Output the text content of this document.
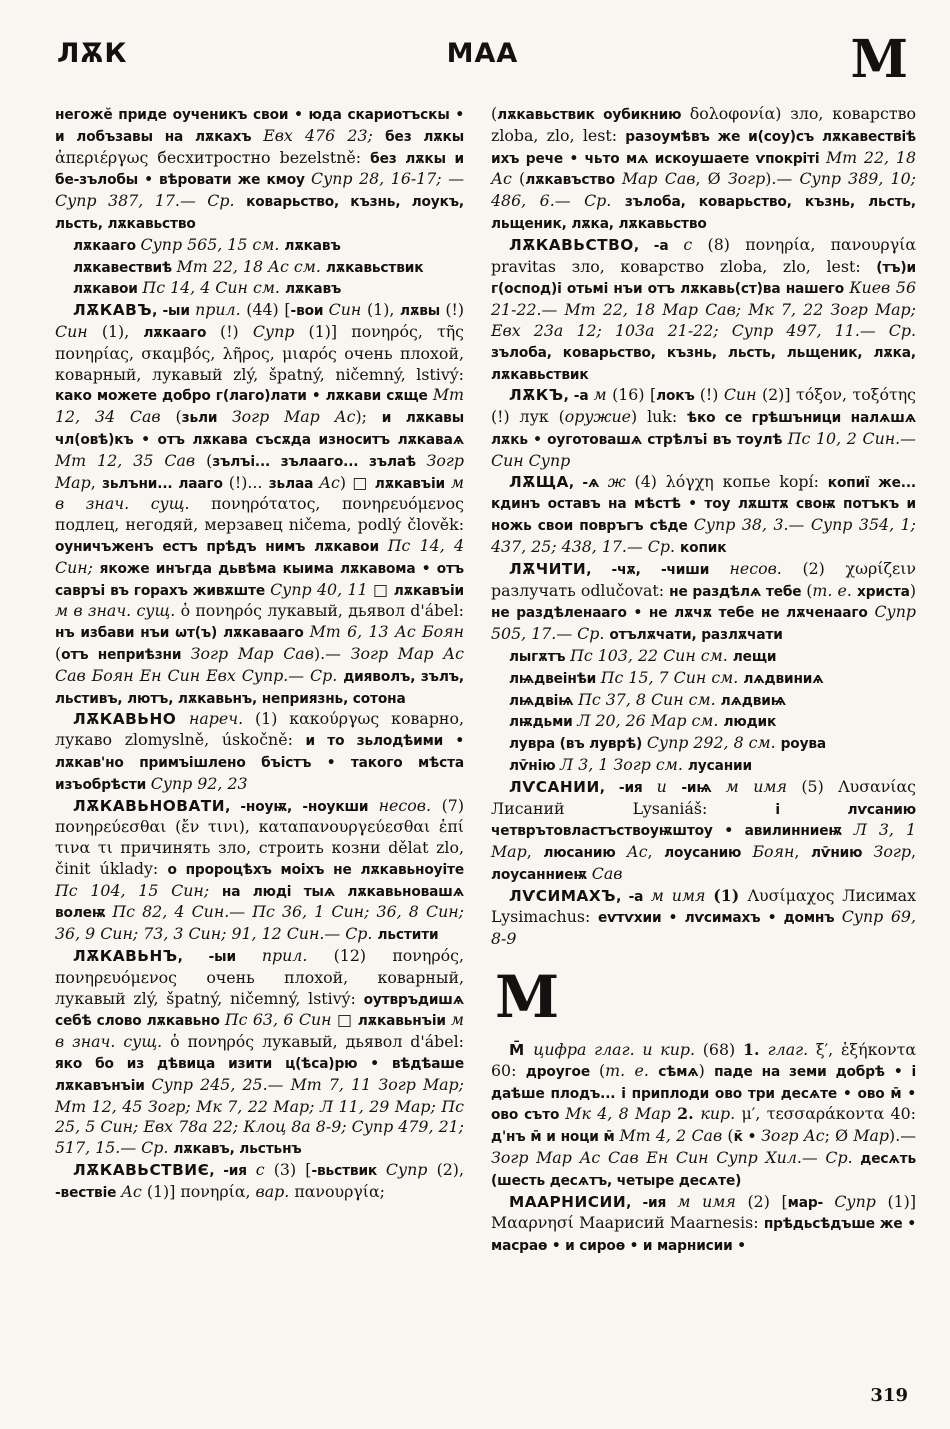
ЛѪК	МАА	М

негожӗ приде оученикъ свои • юда скариотъскы • и лобъзавы на лѫкахъ Евх 476 23; без лѫкы ἀπεριέργως бесхитростно bezelstně: без лѫкы и бе-зълобы • вѣровати же кмоу Супр 28, 16-17; — Супр 387, 17.— Ср. коварьство, къзнь, лоукъ, льсть, лѫкавьство

лѫкааго Супр 565, 15 см. лѫкавъ

лѫкавествиѣ Мт 22, 18 Ас см. лѫкавьствик

лѫкавои Пс 14, 4 Син см. лѫкавъ

ЛѪКАВЪ, -ыи прил. (44) [-вои Син (1), лѫвы (!) Син (1), лѫкааго (!) Супр (1)] πονηρός, τῆς πονηρίας, σκαμβός, λῆρος, μιαρός очень плохой, коварный, лукавый zlý, špatný, ničemný, lstivý: како можете добро г(лаго)лати • лѫкави сѫще Мт 12, 34 Сав (зьли Зогр Мар Ас); и лѫкавы чл(овѣ)къ • отъ лѫкава съсѫда износитъ лѫкаваѧ Мт 12, 35 Сав (зълъі... зълааго... зълаѣ Зогр Мар, зьлъни... лааго (!)... зьлаа Ас) □ лѫкавъіи м в знач. сущ. πονηρότατος, πονηρευόμενος подлец, негодяй, мерзавец ničema, podlý člověk: оуничъженъ естъ прѣдъ нимъ лѫкавои Пс 14, 4 Син; якоже инъгда дьвѣма кыима лѫкавома • отъ савръі въ горахъ живѫште Супр 40, 11 □ лѫкавъіи м в знач. сущ. ὁ πονηρός лукавый, дьявол d'ábel: нъ избави нъи ѡт(ъ) лѫкавааго Мт 6, 13 Ас Боян (отъ неприѣзни Зогр Мар Сав).— Зогр Мар Ас Сав Боян Ен Син Евх Супр.— Ср. дияволъ, зълъ, льстивъ, лютъ, лѫкавьнъ, неприязнь, сотона

ЛѪКАВЬНО нареч. (1) κακούργως коварно, лукаво zlomyslně, úskočně: и то зьлодѣими • лѫкав'но примъішлено бъістъ • такого мѣста изъобрѣсти Супр 92, 23

ЛѪКАВЬНОВАТИ, -ноуѭ, -ноукши несов. (7) πονηρεύεσθαι (ἔν τινι), καταπανουργεύεσθαι ἐπί τινα τι причинять зло, строить козни dělat zlo, činit úklady: о пророцѣхъ моіхъ не лѫкавьноуіте Пс 104, 15 Син; на люді тыѧ лѫкавьновашѧ волеѭ Пс 82, 4 Син.— Пс 36, 1 Син; 36, 8 Син; 36, 9 Син; 73, 3 Син; 91, 12 Син.— Ср. льстити

ЛѪКАВЬНЪ, -ыи прил. (12) πονηρός, πονηρευόμενος очень плохой, коварный, лукавый zlý, špatný, ničemný, lstivý: оутвръдишѧ себѣ слово лѫкавьно Пс 63, 6 Син □ лѫкавьнъіи м в знач. сущ. ὁ πονηρός лукавый, дьявол d'ábel: яко бо из дѣвица изити ц(ѣса)рю • вѣдѣаше лѫкавънъіи Супр 245, 25.— Мт 7, 11 Зогр Мар; Мт 12, 45 Зогр; Мк 7, 22 Мар; Л 11, 29 Мар; Пс 25, 5 Син; Евх 78а 22; Клоц 8а 8-9; Супр 479, 21; 517, 15.— Ср. лѫкавъ, льстьнъ

ЛѪКАВЬСТВИЄ, -ия с (3) [-вьствик Супр (2), -вествіе Ас (1)] πονηρία, вар. πανουργία;

(лѫкавьствик оубикнию δολοφονία) зло, коварство zloba, zlo, lest: разоумѣвъ же и(соу)съ лѫкавествіѣ ихъ рече • чьто мѧ искоушаете ѵпокріті Мт 22, 18 Ас (лѫкавъство Мар Сав, Ø Зогр).— Супр 389, 10; 486, 6.— Ср. зълоба, коварьство, къзнь, льсть, льщеник, лѫка, лѫкавьство

ЛѪКАВЬСТВО, -а с (8) πονηρία, πανουργία pravitas зло, коварство zloba, zlo, lest: (тъ)и г(оспод)і отьмі нъи отъ лѫкавь(ст)ва нашего Киев 56 21-22.— Мт 22, 18 Мар Сав; Мк 7, 22 Зогр Мар; Евх 23а 12; 103а 21-22; Супр 497, 11.— Ср. зълоба, коварьство, къзнь, льсть, льщеник, лѫка, лѫкавьствик

ЛѪКЪ, -а м (16) [локъ (!) Син (2)] τόξον, τοξότης (!) лук (оружие) luk: ѣко се грѣшъници налѧшѧ лѫкь • оуготовашѧ стрѣлъі въ тоулѣ Пс 10, 2 Син.— Син Супр

ЛѪЩА, -ѧ ж (4) λόγχη копье kopí: копиї же... кдинъ оставъ на мѣстѣ • тоу лѫштѫ своѭ потъкъ и ножь свои повръгъ сѣде Супр 38, 3.— Супр 354, 1; 437, 25; 438, 17.— Ср. копик

ЛѪЧИТИ, -чѫ, -чиши несов. (2) χωρίζειν разлучать odlučovat: не раздѣлѧ тебе (т. е. христа) не раздѣленааго • не лѫчѫ тебе не лѫченааго Супр 505, 17.— Ср. отълѫчати, разлѫчати

лыгѫтъ Пс 103, 22 Син см. лещи

лѩдвеінѣи Пс 15, 7 Син см. лѧдвиниѧ

лѩдвіѩ Пс 37, 8 Син см. лѧдвиѩ

лѭдьми Л 20, 26 Мар см. людик

лувра (въ луврѣ) Супр 292, 8 см. роува

лѵ̄нію Л 3, 1 Зогр см. лусании

ЛѴСАНИИ, -ия и -иѩ м имя (5) Λυσανίας Лисаний Lysaniáš: і лѵсанию четврътовластъствоуѭштоу • авилинниеѭ Л 3, 1 Мар, люсанию Ас, лоусанию Боян, лѵ̄нию Зогр, лоусанниеѭ Сав

ЛѴСИМАХЪ, -а м имя (1) Λυσίμαχος Лисимах Lysimachus: еѵтѵхии • лѵсимахъ • домнъ Супр 69, 8-9

М

М̄ цифра глаг. и кир. (68) 1. глаг. ξ′, ἑξήκοντα 60: дроугое (т. е. сѣмѧ) паде на земи добрѣ • і даѣше плодъ... і приплоди ово три десѧте • ово м̄ • ово съто Мк 4, 8 Мар 2. кир. μ′, τεσσαράκοντα 40: д'нъ м̄ и ноци м̄ Мт 4, 2 Сав (к̄ • Зогр Ас; Ø Мар).— Зогр Мар Ас Сав Ен Син Супр Хил.— Ср. десѧть (шесть десѧтъ, четыре десѧте)

МААРНИСИИ, -ия м имя (2) [мар- Супр (1)] Μααρνησί Маарисий Maarnesis: прѣдьсѣдъше же • масраѳ • и сироѳ • и марнисии •

319
